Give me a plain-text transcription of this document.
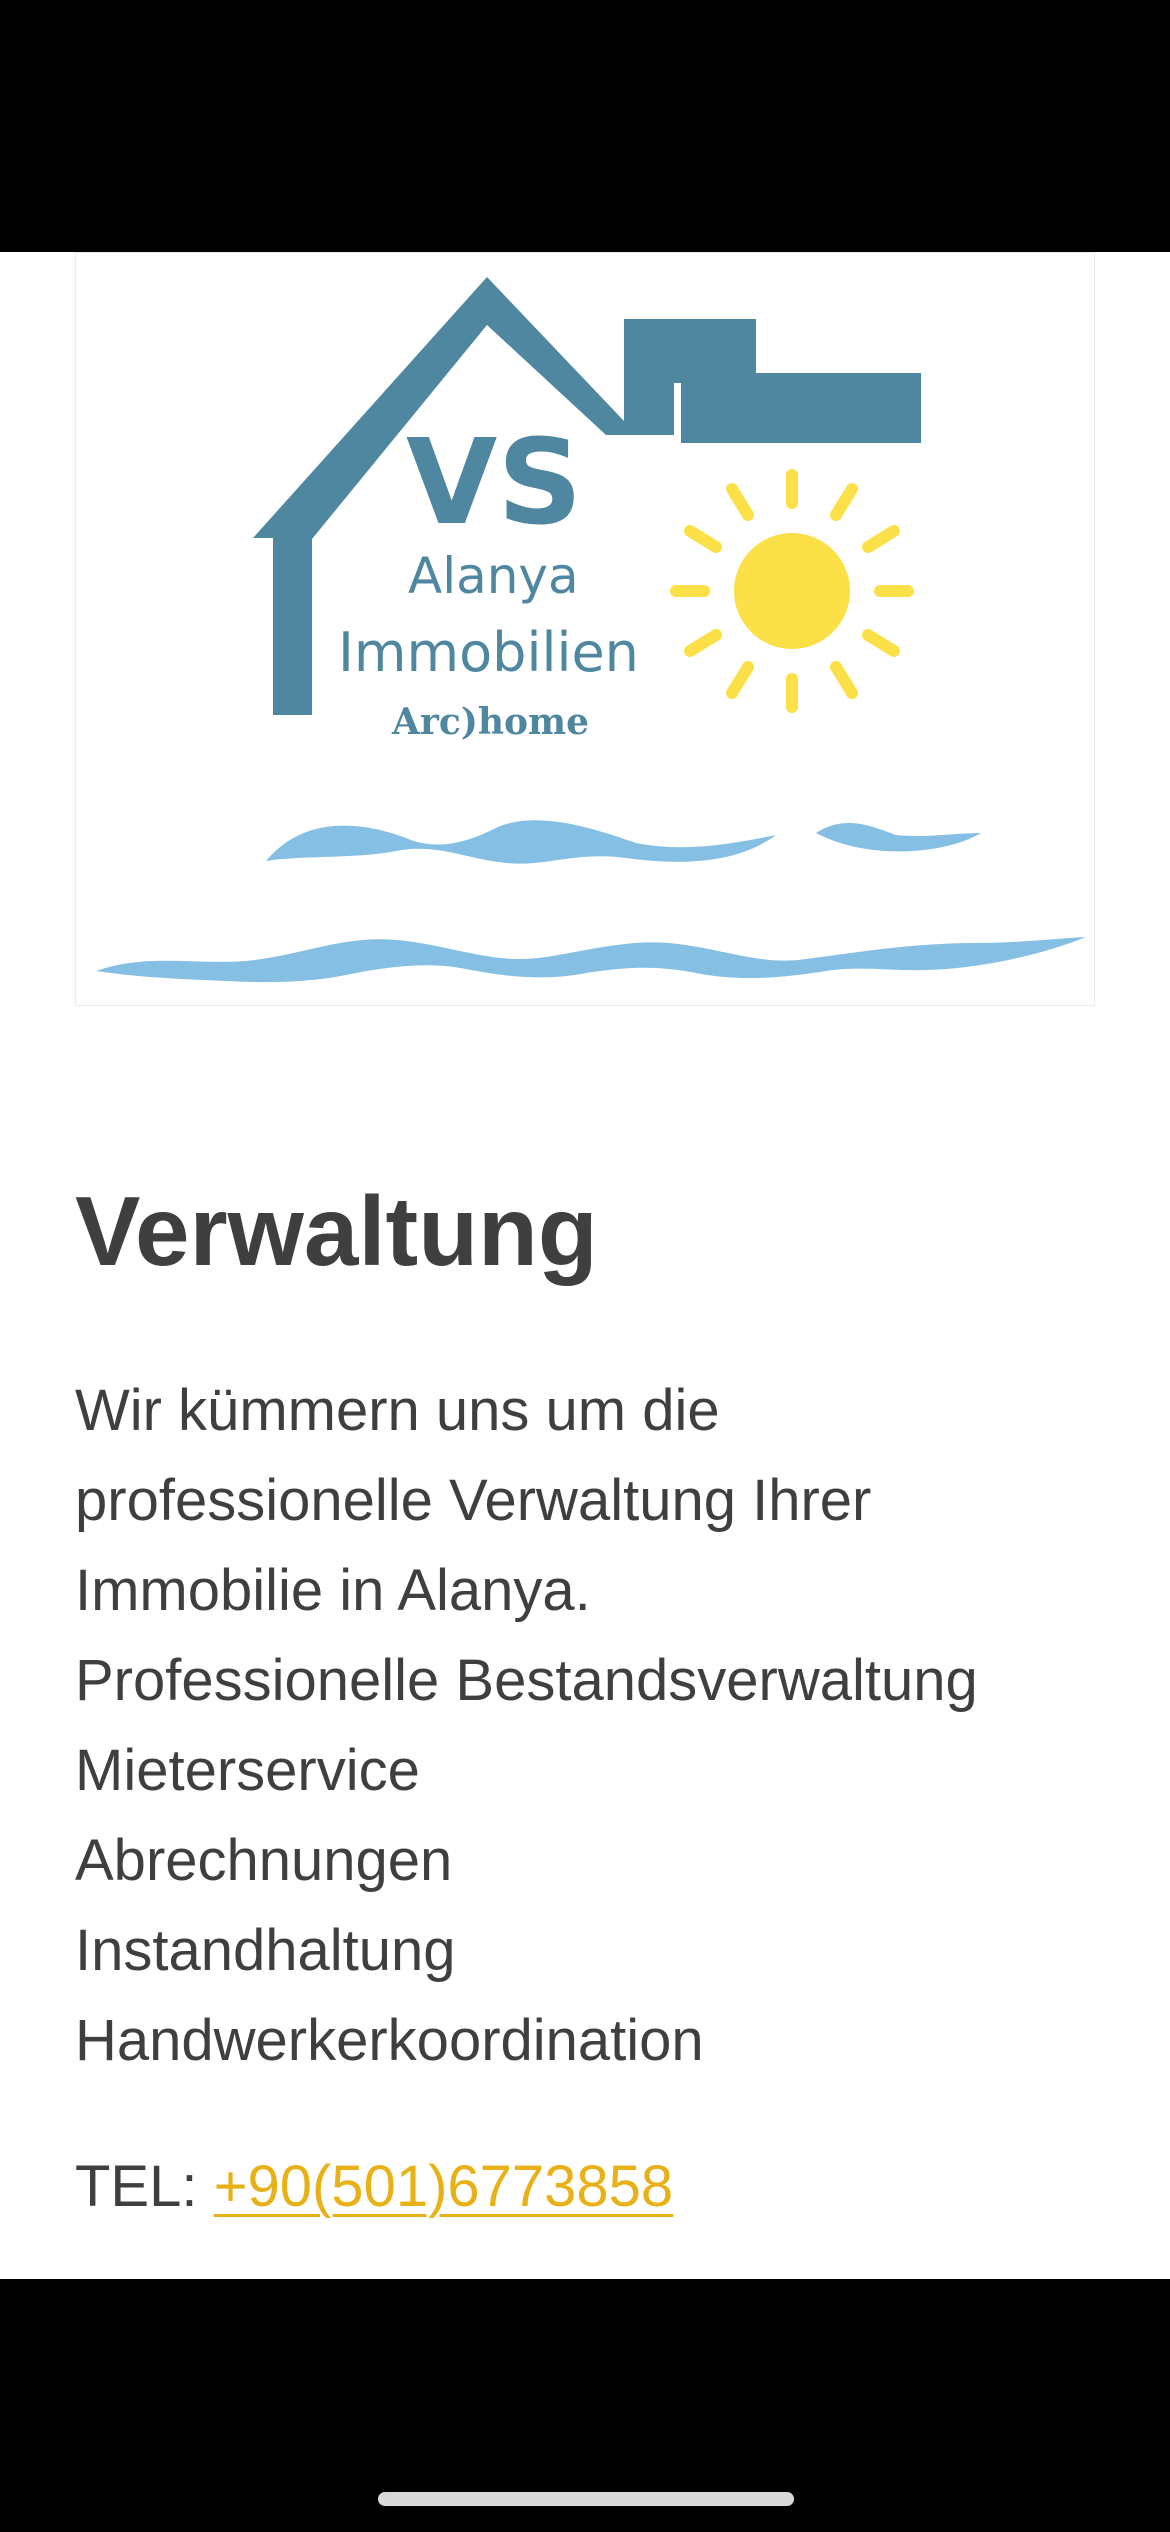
VS
Alanya
Immobilien
Arc)home
Verwaltung
Wir kümmern uns um die
professionelle Verwaltung Ihrer
Immobilie in Alanya.
Professionelle Bestandsverwaltung
Mieterservice
Abrechnungen
Instandhaltung
Handwerkerkoordination
TEL: +90(501)6773858
